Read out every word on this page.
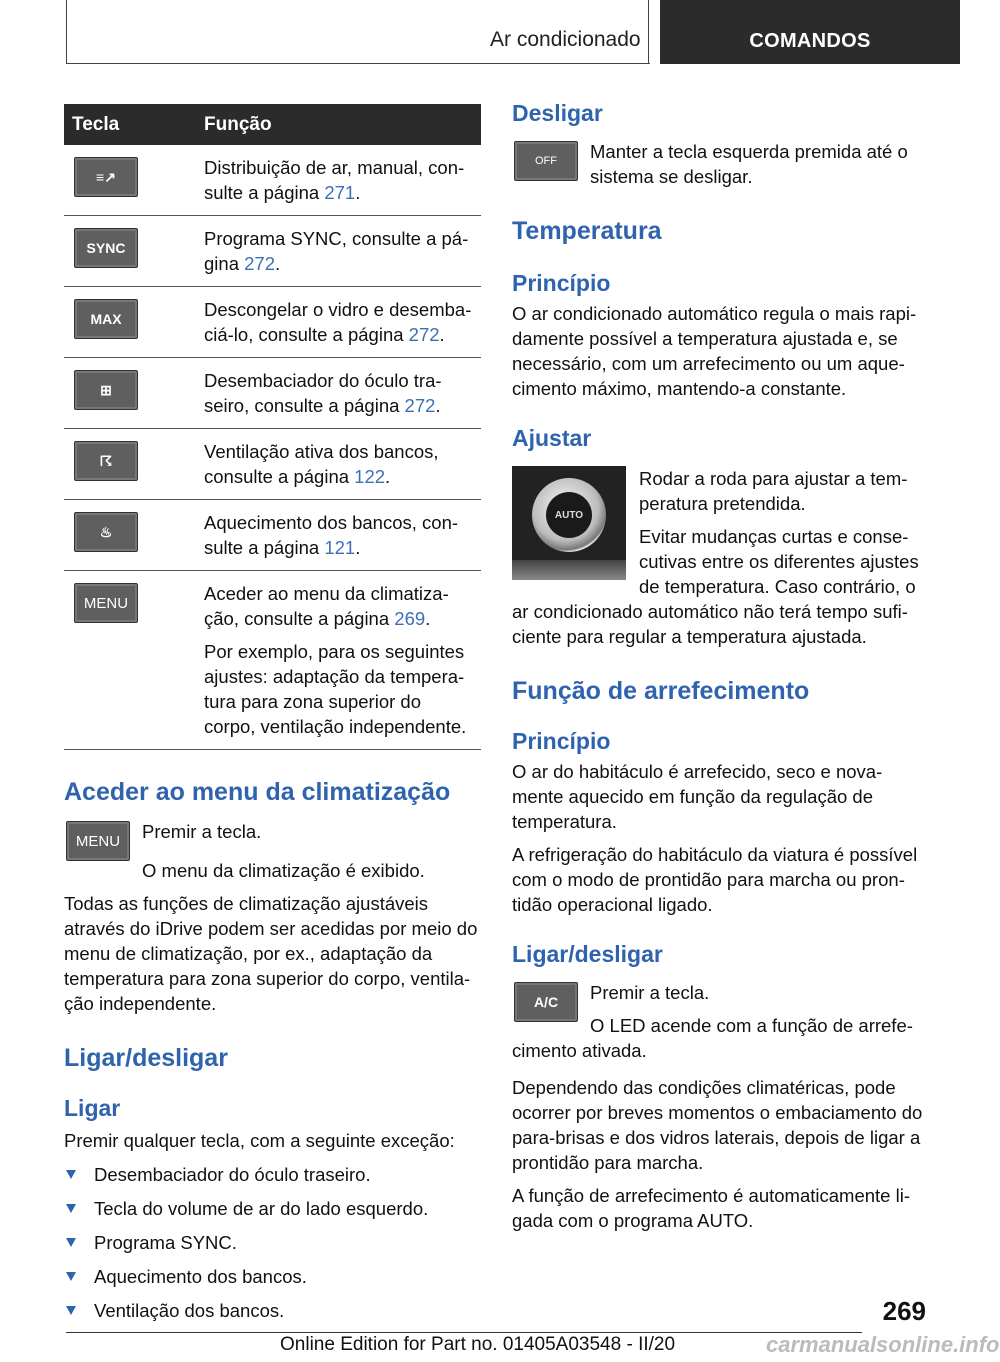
Ar condicionado	COMANDOS
Tecla	Função

≡↗	Distribuição de ar, manual, consulte a página 271.

SYNC	Programa SYNC, consulte a página 272.

MAX	Descongelar o vidro e desembaciá-lo, consulte a página 272.

⊞	Desembaciador do óculo traseiro, consulte a página 272.

☈	Ventilação ativa dos bancos, consulte a página 122.

♨	Aquecimento dos bancos, consulte a página 121.

MENU	Aceder ao menu da climatização, consulte a página 269.

Por exemplo, para os seguintes ajustes: adaptação da temperatura para zona superior do corpo, ventilação independente.

Aceder ao menu da climatização
MENU	Premir a tecla.

O menu da climatização é exibido.

Todas as funções de climatização ajustáveis através do iDrive podem ser acedidas por meio do menu de climatização, por ex., adaptação da temperatura para zona superior do corpo, ventilação independente.

Ligar/desligar
Ligar

Premir qualquer tecla, com a seguinte exceção:

Desembaciador do óculo traseiro.
Tecla do volume de ar do lado esquerdo.
Programa SYNC.
Aquecimento dos bancos.
Ventilação dos bancos.
Desligar
OFF	Manter a tecla esquerda premida até o sistema se desligar.

Temperatura
Princípio

O ar condicionado automático regula o mais rapidamente possível a temperatura ajustada e, se necessário, com um arrefecimento ou um aquecimento máximo, mantendo-a constante.

Ajustar
AUTO

Rodar a roda para ajustar a temperatura pretendida.

Evitar mudanças curtas e consecutivas entre os diferentes ajustes de temperatura. Caso contrário, o ar condicionado automático não terá tempo suficiente para regular a temperatura ajustada.

Função de arrefecimento
Princípio

O ar do habitáculo é arrefecido, seco e novamente aquecido em função da regulação de temperatura.

A refrigeração do habitáculo da viatura é possível com o modo de prontidão para marcha ou prontidão operacional ligado.

Ligar/desligar
A/C	Premir a tecla.

O LED acende com a função de arrefecimento ativada.

Dependendo das condições climatéricas, pode ocorrer por breves momentos o embaciamento do para-brisas e dos vidros laterais, depois de ligar a prontidão para marcha.

A função de arrefecimento é automaticamente ligada com o programa AUTO.

269
Online Edition for Part no. 01405A03548 - II/20	carmanualsonline.info
